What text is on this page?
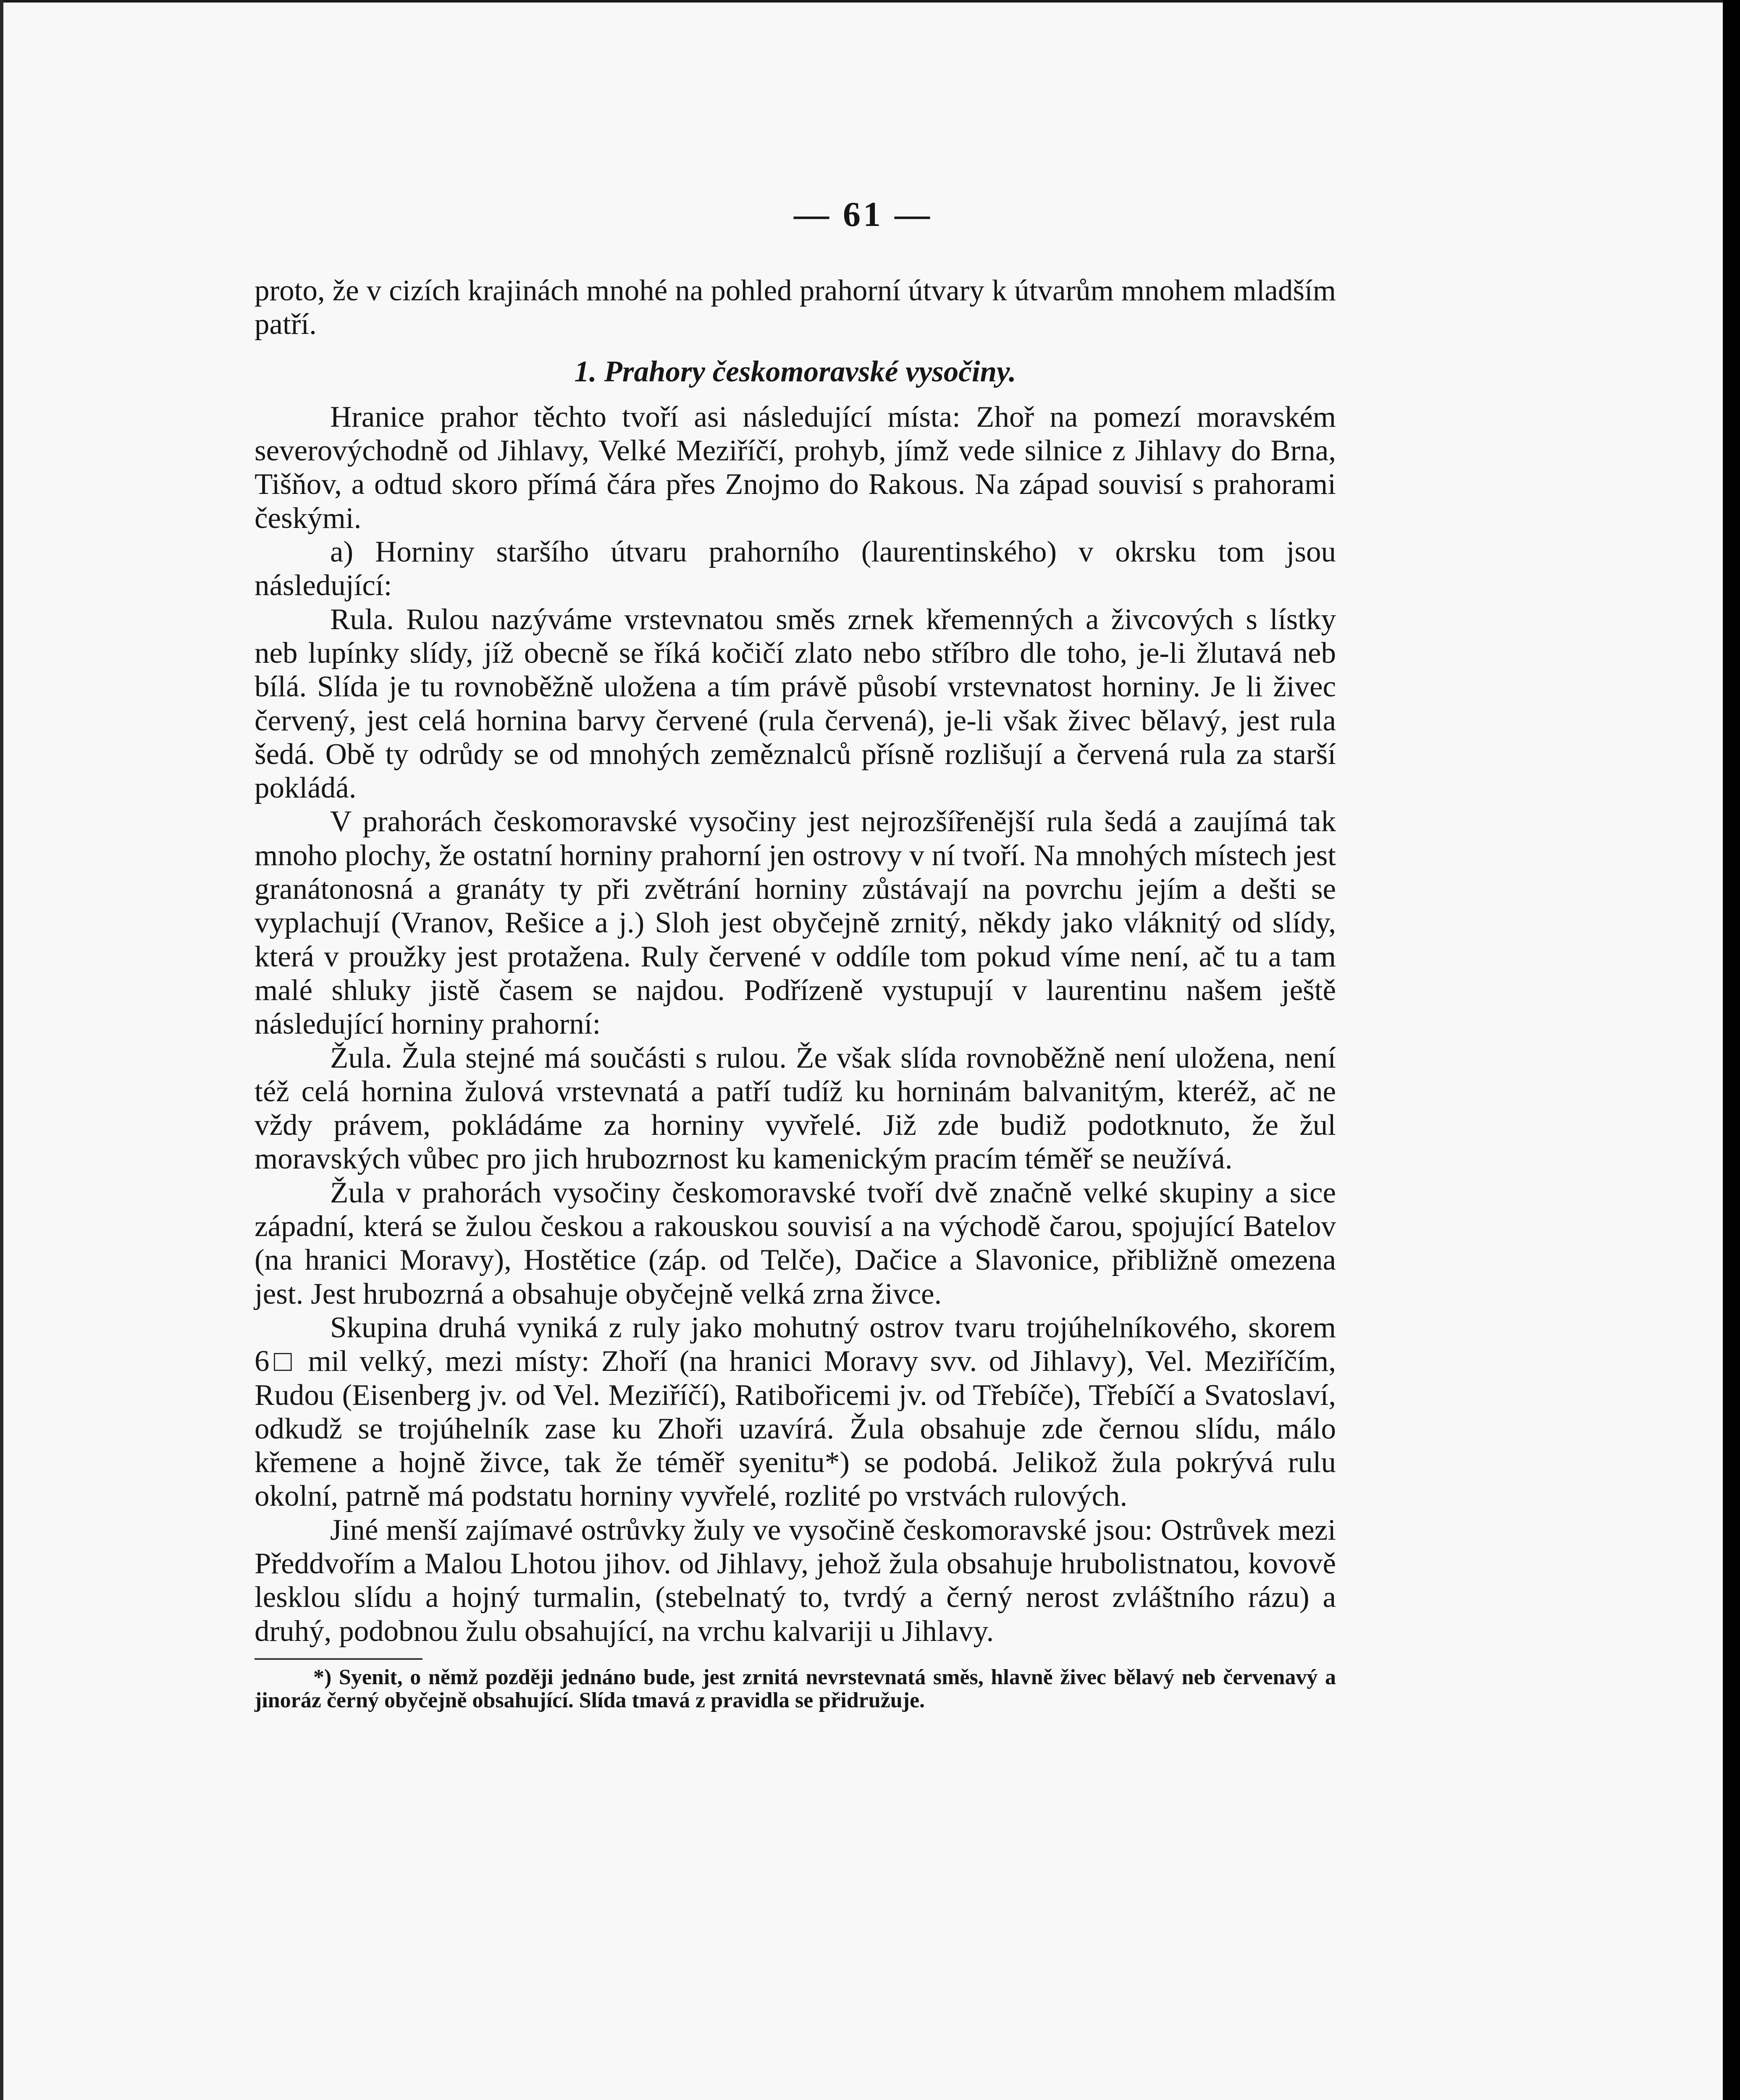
— 61 —

proto, že v cizích krajinách mnohé na pohled prahorní útvary k útvarům mnohem mladším patří.

1. Prahory českomoravské vysočiny.

Hranice prahor těchto tvoří asi následující místa: Zhoř na pomezí moravském severovýchodně od Jihlavy, Velké Meziříčí, prohyb, jímž vede silnice z Jihlavy do Brna, Tišňov, a odtud skoro přímá čára přes Znojmo do Rakous. Na západ souvisí s prahorami českými.

a) Horniny staršího útvaru prahorního (laurentinského) v okrsku tom jsou následující:

Rula. Rulou nazýváme vrstevnatou směs zrnek křemenných a živcových s lístky neb lupínky slídy, jíž obecně se říká kočičí zlato nebo stříbro dle toho, je-li žlutavá neb bílá. Slída je tu rovnoběžně uložena a tím právě působí vrstevnatost horniny. Je li živec červený, jest celá hornina barvy červené (rula červená), je-li však živec bělavý, jest rula šedá. Obě ty odrůdy se od mnohých zeměznalců přísně rozlišují a červená rula za starší pokládá.

V prahorách českomoravské vysočiny jest nejrozšířenější rula šedá a zaujímá tak mnoho plochy, že ostatní horniny prahorní jen ostrovy v ní tvoří. Na mnohých místech jest granátonosná a granáty ty při zvětrání horniny zůstávají na povrchu jejím a dešti se vyplachují (Vranov, Rešice a j.) Sloh jest obyčejně zrnitý, někdy jako vláknitý od slídy, která v proužky jest protažena. Ruly červené v oddíle tom pokud víme není, ač tu a tam malé shluky jistě časem se najdou. Podřízeně vystupují v laurentinu našem ještě následující horniny prahorní:

Žula. Žula stejné má součásti s rulou. Že však slída rovnoběžně není uložena, není též celá hornina žulová vrstevnatá a patří tudíž ku horninám balvanitým, kteréž, ač ne vždy právem, pokládáme za horniny vyvřelé. Již zde budiž podotknuto, že žul moravských vůbec pro jich hrubozrnost ku kamenickým pracím téměř se neužívá.

Žula v prahorách vysočiny českomoravské tvoří dvě značně velké skupiny a sice západní, která se žulou českou a rakouskou souvisí a na východě čarou, spojující Batelov (na hranici Moravy), Hostětice (záp. od Telče), Dačice a Slavonice, přibližně omezena jest. Jest hrubozrná a obsahuje obyčejně velká zrna živce.

Skupina druhá vyniká z ruly jako mohutný ostrov tvaru trojúhelníkového, skorem 6□ mil velký, mezi místy: Zhoří (na hranici Moravy svv. od Jihlavy), Vel. Meziříčím, Rudou (Eisenberg jv. od Vel. Meziříčí), Ratibořicemi jv. od Třebíče), Třebíčí a Svatoslaví, odkudž se trojúhelník zase ku Zhoři uzavírá. Žula obsahuje zde černou slídu, málo křemene a hojně živce, tak že téměř syenitu*) se podobá. Jelikož žula pokrývá rulu okolní, patrně má podstatu horniny vyvřelé, rozlité po vrstvách rulových.

Jiné menší zajímavé ostrůvky žuly ve vysočině českomoravské jsou: Ostrůvek mezi Předdvořím a Malou Lhotou jihov. od Jihlavy, jehož žula obsahuje hrubolistnatou, kovově lesklou slídu a hojný turmalin, (stebelnatý to, tvrdý a černý nerost zvláštního rázu) a druhý, podobnou žulu obsahující, na vrchu kalvariji u Jihlavy.

*) Syenit, o němž později jednáno bude, jest zrnitá nevrstevnatá směs, hlavně živec bělavý neb červenavý a jinoráz černý obyčejně obsahující. Slída tmavá z pravidla se přidružuje.
